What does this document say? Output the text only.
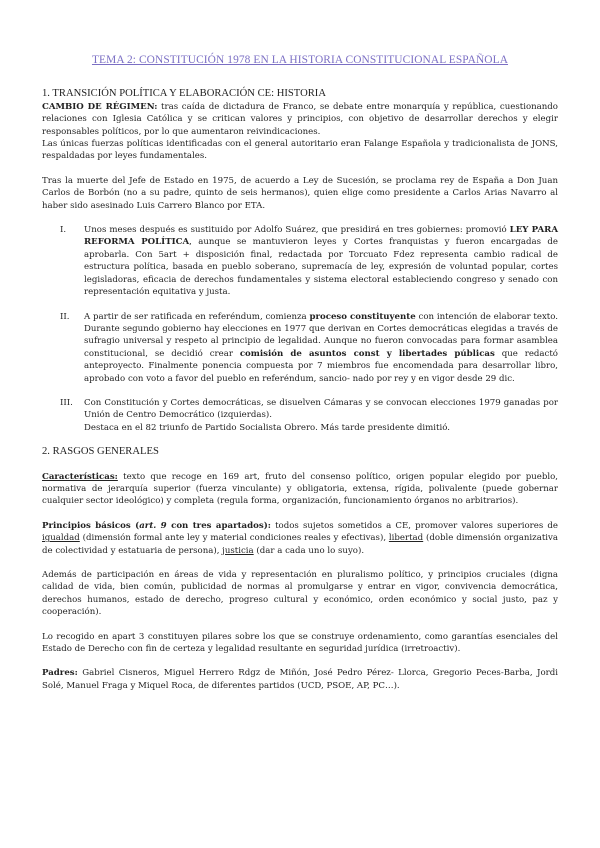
TEMA 2: CONSTITUCIÓN 1978 EN LA HISTORIA CONSTITUCIONAL ESPAÑOLA
1. TRANSICIÓN POLÍTICA Y ELABORACIÓN CE: HISTORIA

CAMBIO DE RÉGIMEN: tras caída de dictadura de Franco, se debate entre monarquía y república, cuestionando relaciones con Iglesia Católica y se critican valores y principios, con objetivo de desarrollar derechos y elegir responsables políticos, por lo que aumentaron reivindicaciones.

Las únicas fuerzas políticas identificadas con el general autoritario eran Falange Española y tradicionalista de JONS, respaldadas por leyes fundamentales.

Tras la muerte del Jefe de Estado en 1975, de acuerdo a Ley de Sucesión, se proclama rey de España a Don Juan Carlos de Borbón (no a su padre, quinto de seis hermanos), quien elige como presidente a Carlos Arias Navarro al haber sido asesinado Luis Carrero Blanco por ETA.

I.	Unos meses después es sustituido por Adolfo Suárez, que presidirá en tres gobiernes: promovió LEY PARA REFORMA POLÍTICA, aunque se mantuvieron leyes y Cortes franquistas y fueron encargadas de aprobarla. Con 5art + disposición final, redactada por Torcuato Fdez representa cambio radical de estructura política, basada en pueblo soberano, supremacía de ley, expresión de voluntad popular, cortes legisladoras, eficacia de derechos fundamentales y sistema electoral estableciendo congreso y senado con representación equitativa y justa.
II.	A partir de ser ratificada en referéndum, comienza proceso constituyente con intención de elaborar texto. Durante segundo gobierno hay elecciones en 1977 que derivan en Cortes democráticas elegidas a través de sufragio universal y respeto al principio de legalidad. Aunque no fueron convocadas para formar asamblea constitucional, se decidió crear comisión de asuntos const y libertades públicas que redactó anteproyecto. Finalmente ponencia compuesta por 7 miembros fue encomendada para desarrollar libro, aprobado con voto a favor del pueblo en referéndum, sancio- nado por rey y en vigor desde 29 dic.
III.	Con Constitución y Cortes democráticas, se disuelven Cámaras y se convocan elecciones 1979 ganadas por Unión de Centro Democrático (izquierdas).
Destaca en el 82 triunfo de Partido Socialista Obrero. Más tarde presidente dimitió.
2. RASGOS GENERALES

Características: texto que recoge en 169 art, fruto del consenso político, origen popular elegido por pueblo, normativa de jerarquía superior (fuerza vinculante) y obligatoria, extensa, rígida, polivalente (puede gobernar cualquier sector ideológico) y completa (regula forma, organización, funcionamiento órganos no arbitrarios).

Principios básicos (art. 9 con tres apartados): todos sujetos sometidos a CE, promover valores superiores de igualdad (dimensión formal ante ley y material condiciones reales y efectivas), libertad (doble dimensión organizativa de colectividad y estatuaria de persona), justicia (dar a cada uno lo suyo).

Además de participación en áreas de vida y representación en pluralismo político, y principios cruciales (digna calidad de vida, bien común, publicidad de normas al promulgarse y entrar en vigor, convivencia democrática, derechos humanos, estado de derecho, progreso cultural y económico, orden económico y social justo, paz y cooperación).

Lo recogido en apart 3 constituyen pilares sobre los que se construye ordenamiento, como garantías esenciales del Estado de Derecho con fin de certeza y legalidad resultante en seguridad jurídica (irretroactiv).

Padres: Gabriel Cisneros, Miguel Herrero Rdgz de Miñón, José Pedro Pérez- Llorca, Gregorio Peces-Barba, Jordi Solé, Manuel Fraga y Miquel Roca, de diferentes partidos (UCD, PSOE, AP, PC…).
